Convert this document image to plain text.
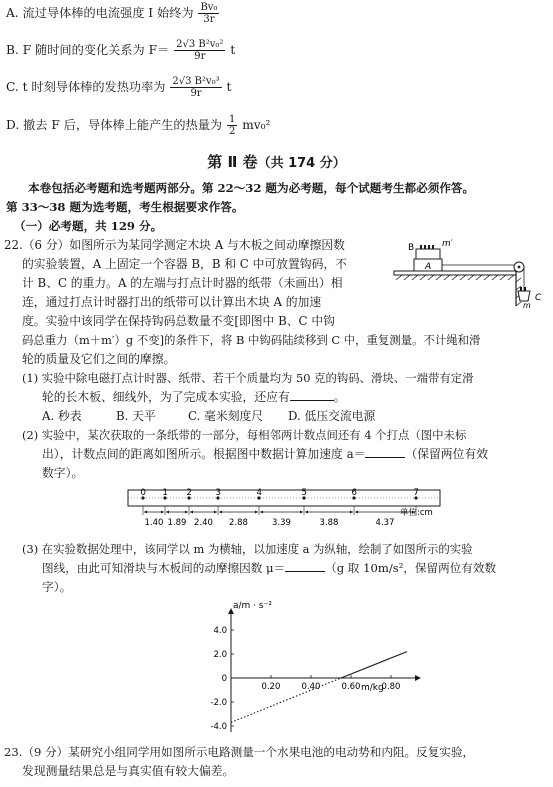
A. 流过导体棒的电流强度 I 始终为 $\frac{\text{Bv₀}}{3r}$
B. F 随时间的变化关系为 $F= \frac{\text{2√3 B²v₀²}}{9r}$ t
C. t 时刻导体棒的发热功率为 $\frac{\text{2√3 B²v₀³}}{9r}$ t
D. 撤去 F 后，导体棒上能产生的热量为 $\frac{1}{2} mv_0^2$
第 Ⅱ 卷（共 174 分）
本卷包括必考题和选考题两部分。第 22～32 题为必考题，每个试题考生都必须作答。
第 33～38 题为选考题，考生根据要求作答。
（一）必考题，共 129 分。
22.（6 分）如图所示为某同学测定木块 A 与木板之间动摩擦因数
的实验装置，A 上固定一个容器 B，B 和 C 中可放置钩码，不
计 B、C 的重力。A 的左端与打点计时器的纸带（未画出）相
连，通过打点计时器打出的纸带可以计算出木块 A 的加速
度。实验中该同学在保持钩码总数量不变[即图中 B、C 中钩
码总重力（m＋m′）g 不变]的条件下，将 B 中钩码陆续移到 C 中，重复测量。不计绳和滑
轮的质量及它们之间的摩擦。
B	m′
A
C
m
(1) 实验中除电磁打点计时器、纸带、若干个质量均为 50 克的钩码、滑块、一端带有定滑
轮的长木板、细线外，为了完成本实验，还应有	。
A. 秒表	B. 天平	C. 毫米刻度尺 D. 低压交流电源
(2) 实验中，某次获取的一条纸带的一部分，每相邻两计数点间还有 4 个打点（图中未标
出），计数点间的距离如图所示。根据图中数据计算加速度 a＝	（保留两位有效
数字）。
0 1 2	3	4	5	6	7
1.40 1.89 2.40 2.88	3.39	3.88	4.37
单位:cm
(3) 在实验数据处理中，该同学以 m 为横轴，以加速度 a 为纵轴，绘制了如图所示的实验
图线，由此可知滑块与木板间的动摩擦因数 μ＝	（g 取 10m/s²，保留两位有效数
字）。
4.0
2.0
0
-2.0
-4.0
0.20 0.40 0.60 0.80
a/m · s⁻²
m/kg
23.（9 分）某研究小组同学用如图所示电路测量一个水果电池的电动势和内阻。反复实验，
发现测量结果总是与真实值有较大偏差。
